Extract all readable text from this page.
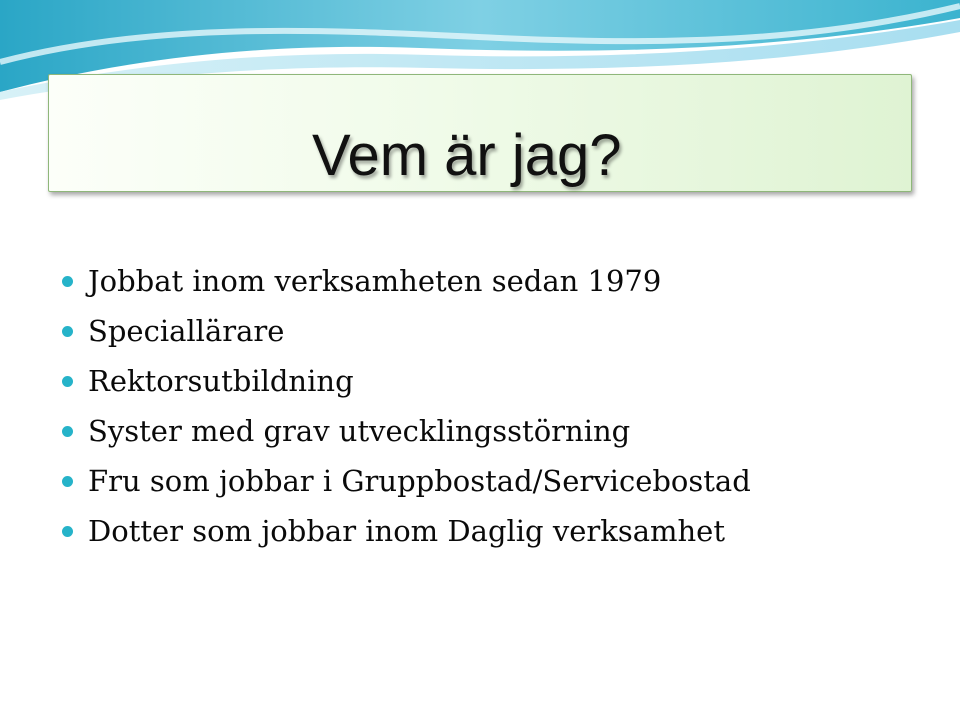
Vem är jag?
Jobbat inom verksamheten sedan 1979
Speciallärare
Rektorsutbildning
Syster med grav utvecklingsstörning
Fru som jobbar i Gruppbostad/Servicebostad
Dotter som jobbar inom Daglig verksamhet
